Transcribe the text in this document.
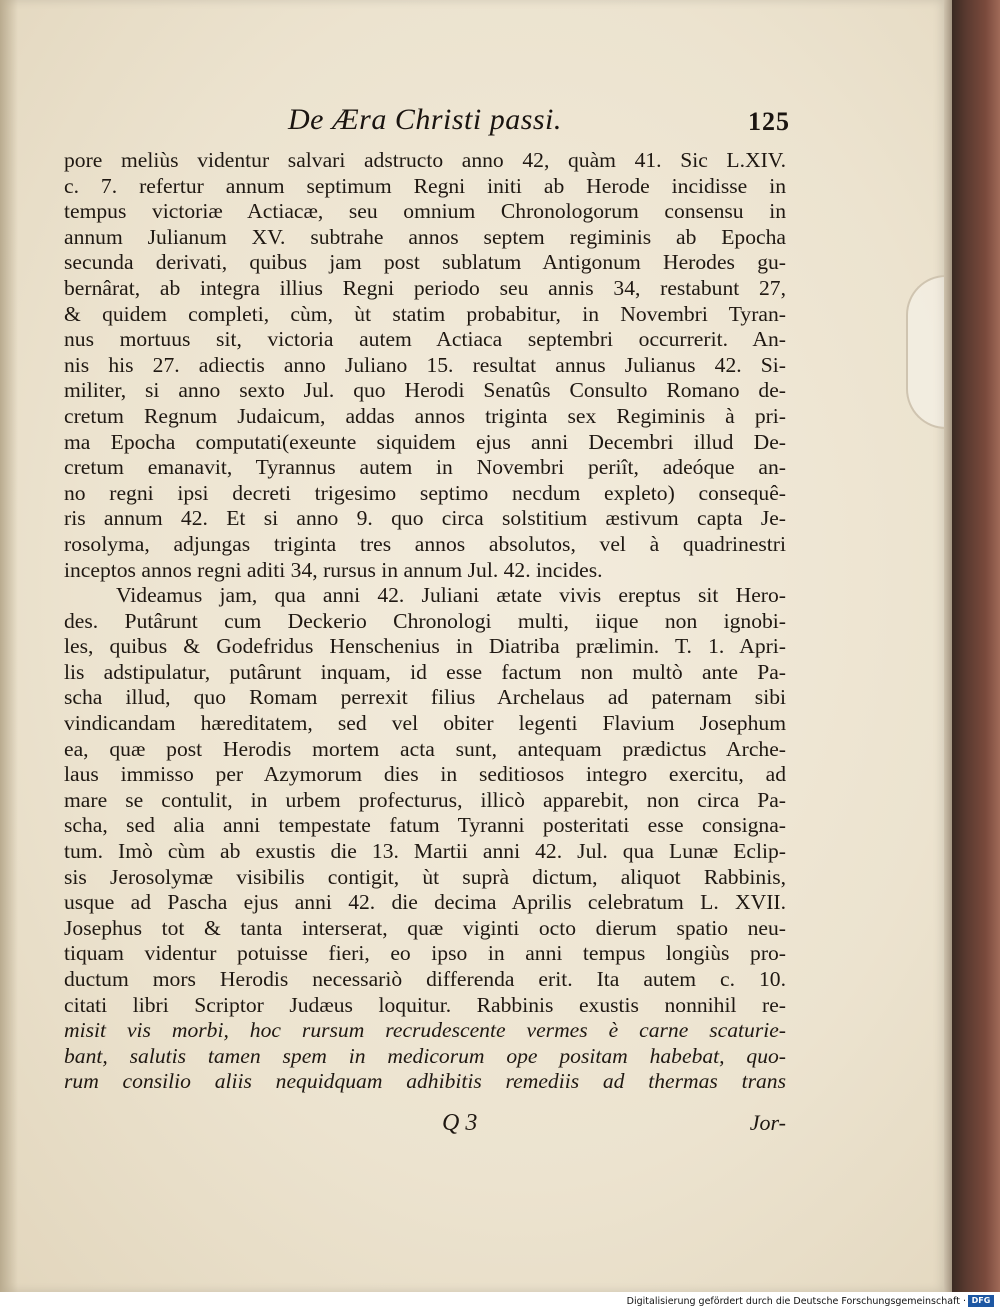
De Æra Christi passi.	125
pore meliùs videntur salvari adstructo anno 42, quàm 41. Sic L.XIV.
c. 7. refertur annum septimum Regni initi ab Herode incidisse in
tempus victoriæ Actiacæ, seu omnium Chronologorum consensu in
annum Julianum XV. subtrahe annos septem regiminis ab Epocha
secunda derivati, quibus jam post sublatum Antigonum Herodes gu-
bernârat, ab integra illius Regni periodo seu annis 34, restabunt 27,
& quidem completi, cùm, ùt statim probabitur, in Novembri Tyran-
nus mortuus sit, victoria autem Actiaca septembri occurrerit. An-
nis his 27. adiectis anno Juliano 15. resultat annus Julianus 42. Si-
militer, si anno sexto Jul. quo Herodi Senatûs Consulto Romano de-
cretum Regnum Judaicum, addas annos triginta sex Regiminis à pri-
ma Epocha computati(exeunte siquidem ejus anni Decembri illud De-
cretum emanavit, Tyrannus autem in Novembri periît, adeóque an-
no regni ipsi decreti trigesimo septimo necdum expleto) consequê-
ris annum 42. Et si anno 9. quo circa solstitium æstivum capta Je-
rosolyma, adjungas triginta tres annos absolutos, vel à quadrinestri
inceptos annos regni aditi 34, rursus in annum Jul. 42. incides.
Videamus jam, qua anni 42. Juliani ætate vivis ereptus sit Hero-
des. Putârunt cum Deckerio Chronologi multi, iique non ignobi-
les, quibus & Godefridus Henschenius in Diatriba prælimin. T. 1. Apri-
lis adstipulatur, putârunt inquam, id esse factum non multò ante Pa-
scha illud, quo Romam perrexit filius Archelaus ad paternam sibi
vindicandam hæreditatem, sed vel obiter legenti Flavium Josephum
ea, quæ post Herodis mortem acta sunt, antequam prædictus Arche-
laus immisso per Azymorum dies in seditiosos integro exercitu, ad
mare se contulit, in urbem profecturus, illicò apparebit, non circa Pa-
scha, sed alia anni tempestate fatum Tyranni posteritati esse consigna-
tum. Imò cùm ab exustis die 13. Martii anni 42. Jul. qua Lunæ Eclip-
sis Jerosolymæ visibilis contigit, ùt suprà dictum, aliquot Rabbinis,
usque ad Pascha ejus anni 42. die decima Aprilis celebratum L. XVII.
Josephus tot & tanta interserat, quæ viginti octo dierum spatio neu-
tiquam videntur potuisse fieri, eo ipso in anni tempus longiùs pro-
ductum mors Herodis necessariò differenda erit. Ita autem c. 10.
citati libri Scriptor Judæus loquitur. Rabbinis exustis nonnihil re-
misit vis morbi, hoc rursum recrudescente vermes è carne scaturie-
bant, salutis tamen spem in medicorum ope positam habebat, quo-
rum consilio aliis nequidquam adhibitis remediis ad thermas trans
Q 3	Jor-
Digitalisierung gefördert durch die Deutsche Forschungsgemeinschaft · DFG
